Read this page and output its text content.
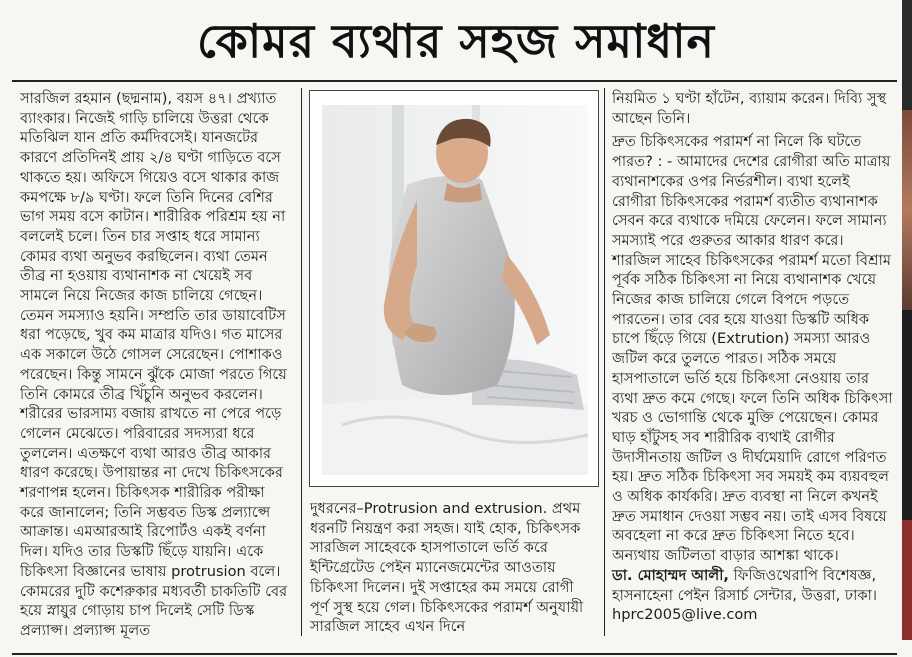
কোমর ব্যথার সহজ সমাধান

সারজিল রহমান (ছদ্মনাম), বয়স ৪৭। প্রখ্যাত ব্যাংকার। নিজেই গাড়ি চালিয়ে উত্তরা থেকে মতিঝিল যান প্রতি কর্মদিবসেই। যানজটের কারণে প্রতিদিনই প্রায় ২/৪ ঘণ্টা গাড়িতে বসে থাকতে হয়। অফিসে গিয়েও বসে থাকার কাজ কমপক্ষে ৮/৯ ঘণ্টা। ফলে তিনি দিনের বেশির ভাগ সময় বসে কাটান। শারীরিক পরিশ্রম হয় না বললেই চলে। তিন চার সপ্তাহ ধরে সামান্য কোমর ব্যথা অনুভব করছিলেন। ব্যথা তেমন তীব্র না হওয়ায় ব্যথানাশক না খেয়েই সব সামলে নিয়ে নিজের কাজ চালিয়ে গেছেন। তেমন সমস্যাও হয়নি। সম্প্রতি তার ডায়াবেটিস ধরা পড়েছে, খুব কম মাত্রার যদিও। গত মাসের এক সকালে উঠে গোসল সেরেছেন। পোশাকও পরেছেন। কিন্তু সামনে ঝুঁকে মোজা পরতে গিয়ে তিনি কোমরে তীব্র খিঁচুনি অনুভব করলেন। শরীরের ভারসাম্য বজায় রাখতে না পেরে পড়ে গেলেন মেঝেতে। পরিবারের সদস্যরা ধরে তুললেন। এতক্ষণে ব্যথা আরও তীব্র আকার ধারণ করেছে। উপায়ান্তর না দেখে চিকিৎসকের শরণাপন্ন হলেন। চিকিৎসক শারীরিক পরীক্ষা করে জানালেন; তিনি সম্ভবত ডিস্ক প্রল্যাপ্সে আক্রান্ত। এমআরআই রিপোর্টও একই বর্ণনা দিল। যদিও তার ডিস্কটি ছিঁড়ে যায়নি। একে চিকিৎসা বিজ্ঞানের ভাষায় protrusion বলে। কোমরের দুটি কশেরুকার মধ্যবর্তী চাকতিটি বের হয়ে স্নায়ুর গোড়ায় চাপ দিলেই সেটি ডিস্ক প্রল্যাপ্স। প্রল্যাপ্স মূলত

দুধরনের–Protrusion and extrusion. প্রথম ধরনটি নিয়ন্ত্রণ করা সহজ। যাই হোক, চিকিৎসক সারজিল সাহেবকে হাসপাতালে ভর্তি করে ইন্টিগ্রেটেড পেইন ম্যানেজমেন্টের আওতায় চিকিৎসা দিলেন। দুই সপ্তাহের কম সময়ে রোগী পূর্ণ সুস্থ হয়ে গেল। চিকিৎসকের পরামর্শ অনুযায়ী সারজিল সাহেব এখন দিনে

নিয়মিত ১ ঘণ্টা হাঁটেন, ব্যায়াম করেন। দিব্যি সুস্থ আছেন তিনি।

দ্রুত চিকিৎসকের পরামর্শ না নিলে কি ঘটতে পারত? : - আমাদের দেশের রোগীরা অতি মাত্রায় ব্যথানাশকের ওপর নির্ভরশীল। ব্যথা হলেই রোগীরা চিকিৎসকের পরামর্শ ব্যতীত ব্যথানাশক সেবন করে ব্যথাকে দমিয়ে ফেলেন। ফলে সামান্য সমস্যাই পরে গুরুতর আকার ধারণ করে। শারজিল সাহেব চিকিৎসকের পরামর্শ মতো বিশ্রাম পূর্বক সঠিক চিকিৎসা না নিয়ে ব্যথানাশক খেয়ে নিজের কাজ চালিয়ে গেলে বিপদে পড়তে পারতেন। তার বের হয়ে যাওয়া ডিস্কটি অধিক চাপে ছিঁড়ে গিয়ে (Extrution) সমস্যা আরও জটিল করে তুলতে পারত। সঠিক সময়ে হাসপাতালে ভর্তি হয়ে চিকিৎসা নেওয়ায় তার ব্যথা দ্রুত কমে গেছে। ফলে তিনি অধিক চিকিৎসা খরচ ও ভোগান্তি থেকে মুক্তি পেয়েছেন। কোমর ঘাড় হাঁটুসহ সব শারীরিক ব্যথাই রোগীর উদাসীনতায় জটিল ও দীর্ঘমেয়াদি রোগে পরিণত হয়। দ্রুত সঠিক চিকিৎসা সব সময়ই কম ব্যয়বহুল ও অধিক কার্যকরি। দ্রুত ব্যবস্থা না নিলে কখনই দ্রুত সমাধান দেওয়া সম্ভব নয়। তাই এসব বিষয়ে অবহেলা না করে দ্রুত চিকিৎসা নিতে হবে। অন্যথায় জটিলতা বাড়ার আশঙ্কা থাকে।

ডা. মোহাম্মদ আলী, ফিজিওথেরাপি বিশেষজ্ঞ, হাসনাহেনা পেইন রিসার্চ সেন্টার, উত্তরা, ঢাকা। hprc2005@live.com
